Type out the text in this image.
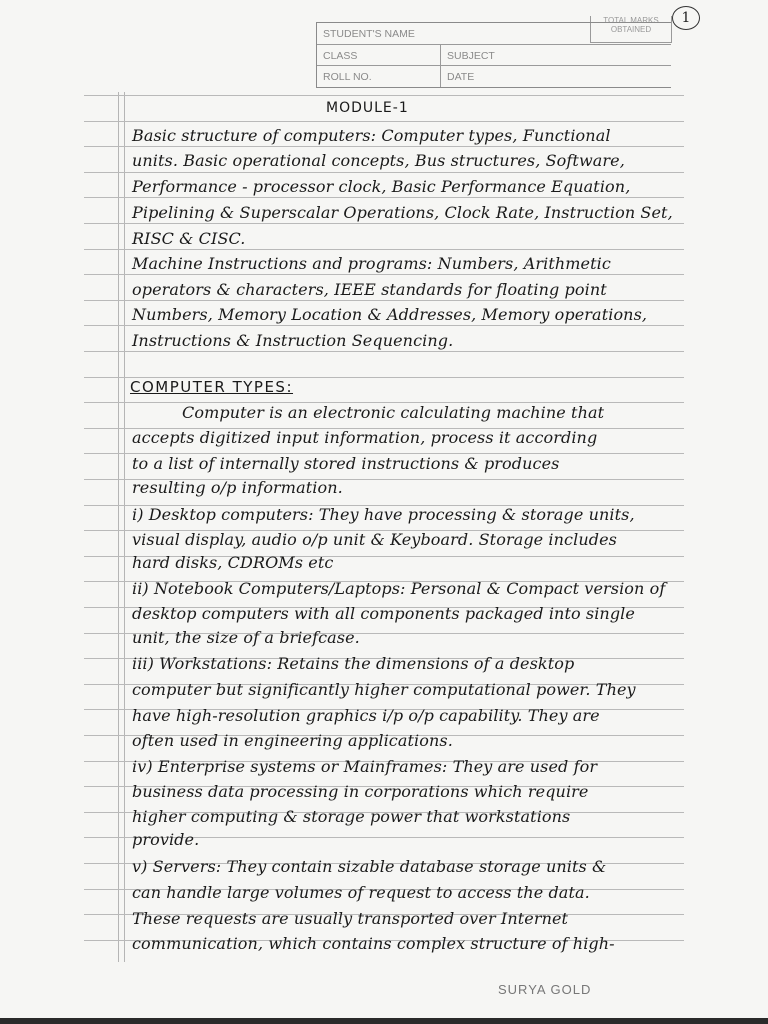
TOTAL MARKS OBTAINED
1
STUDENT'S NAME
CLASS	SUBJECT
ROLL NO.	DATE
MODULE-1
Basic structure of computers: Computer types, Functional
units. Basic operational concepts, Bus structures, Software,
Performance - processor clock, Basic Performance Equation,
Pipelining & Superscalar Operations, Clock Rate, Instruction Set,
RISC & CISC.
Machine Instructions and programs: Numbers, Arithmetic
operators & characters, IEEE standards for floating point
Numbers, Memory Location & Addresses, Memory operations,
Instructions & Instruction Sequencing.
COMPUTER TYPES:
Computer is an electronic calculating machine that
accepts digitized input information, process it according
to a list of internally stored instructions & produces
resulting o/p information.
i) Desktop computers: They have processing & storage units,
visual display, audio o/p unit & Keyboard. Storage includes
hard disks, CDROMs etc
ii) Notebook Computers/Laptops: Personal & Compact version of
desktop computers with all components packaged into single
unit, the size of a briefcase.
iii) Workstations: Retains the dimensions of a desktop
computer but significantly higher computational power. They
have high-resolution graphics i/p o/p capability. They are
often used in engineering applications.
iv) Enterprise systems or Mainframes: They are used for
business data processing in corporations which require
higher computing & storage power that workstations
provide.
v) Servers: They contain sizable database storage units &
can handle large volumes of request to access the data.
These requests are usually transported over Internet
communication, which contains complex structure of high-
SURYA GOLD
